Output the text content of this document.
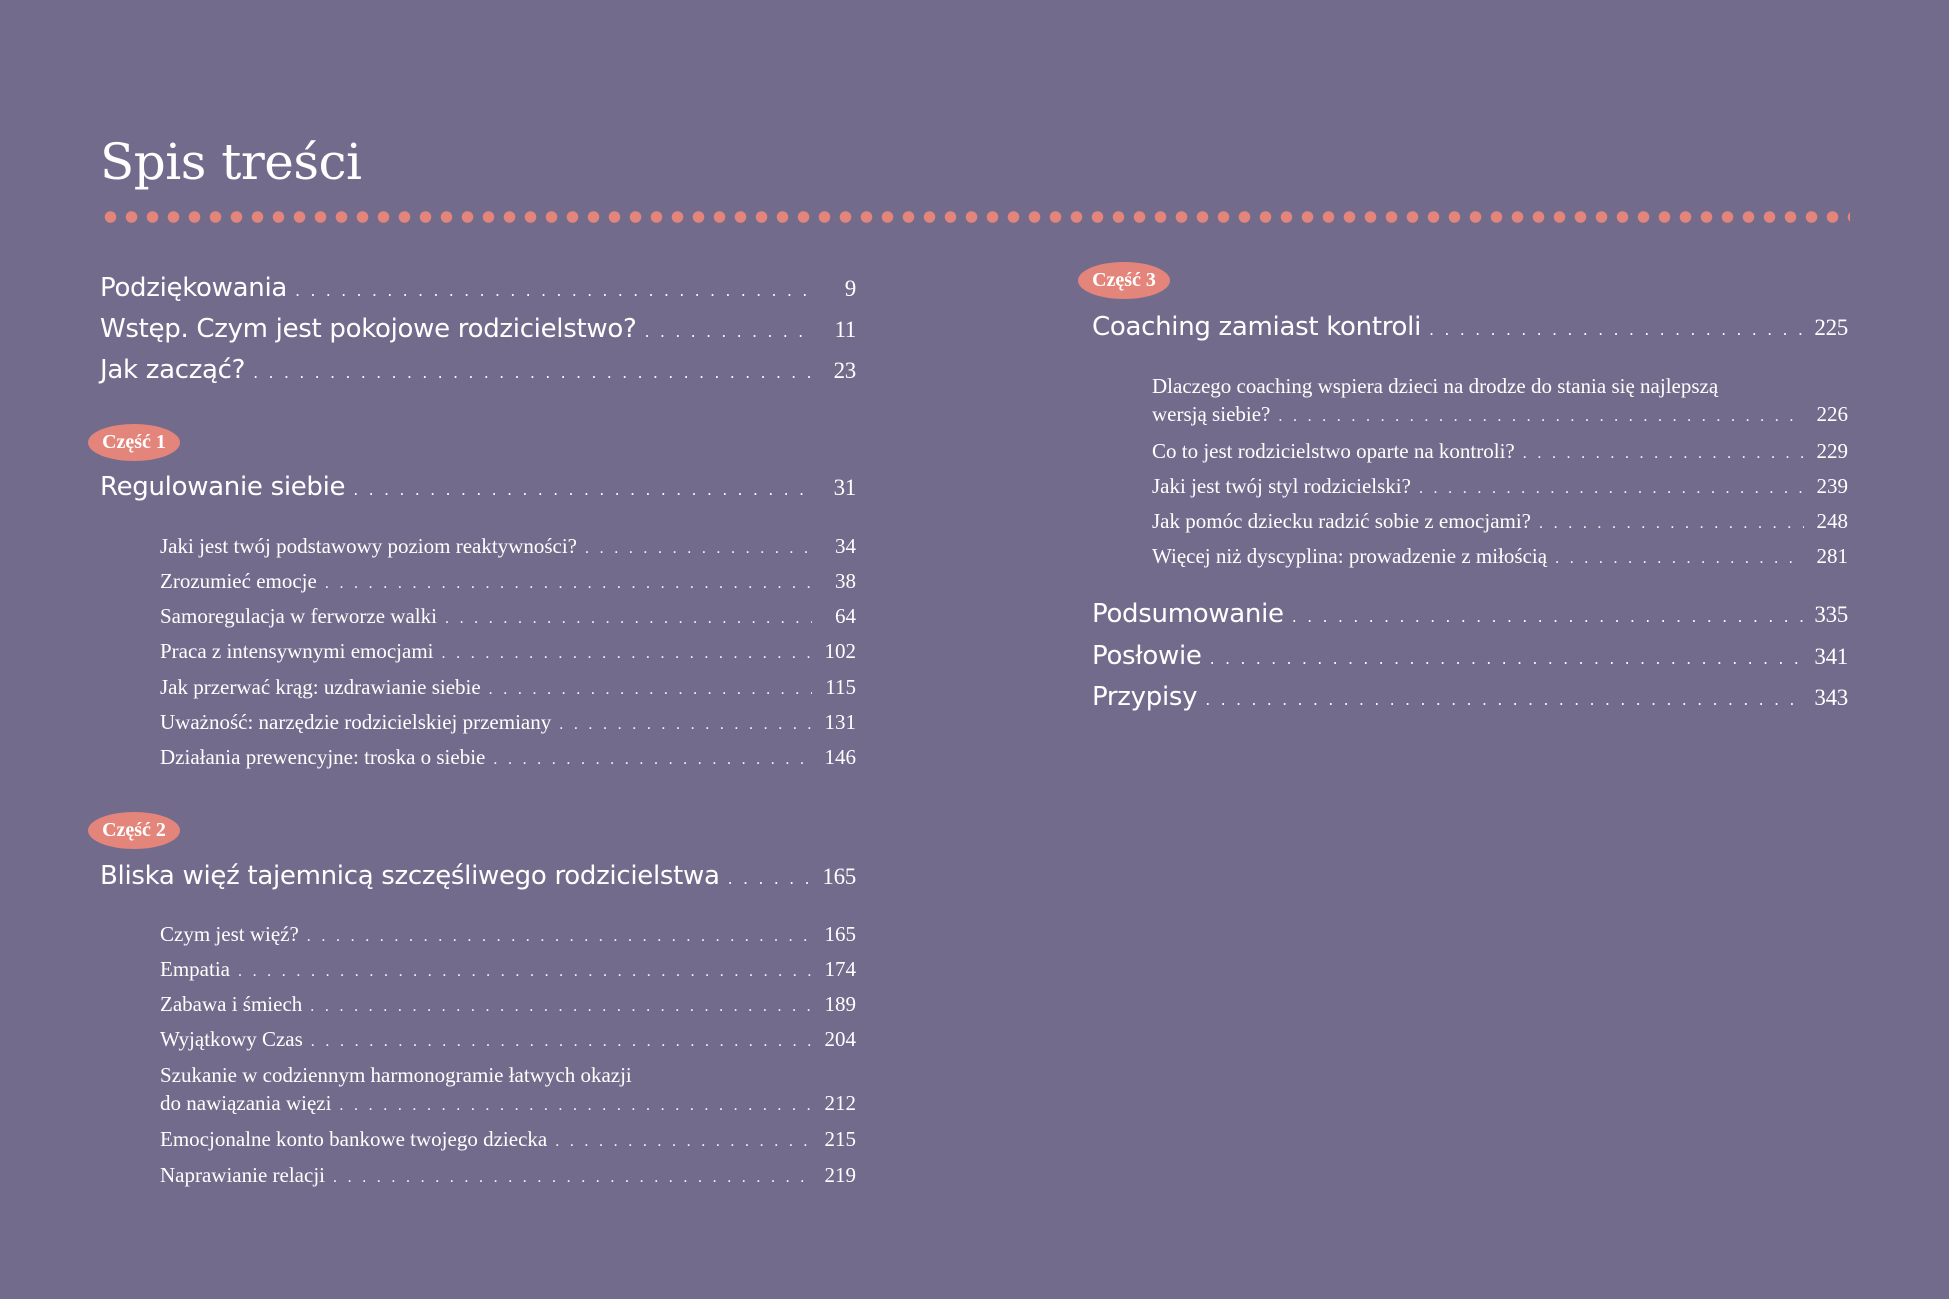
Spis treści
Podziękowania . . .	9
Wstęp. Czym jest pokojowe rodzicielstwo? . . .	11
Jak zacząć? . . .	23
Część 1
Regulowanie siebie . . .	31
Jaki jest twój podstawowy poziom reaktywności? . . .	34
Zrozumieć emocje . . .	38
Samoregulacja w ferworze walki . . .	64
Praca z intensywnymi emocjami . . .	102
Jak przerwać krąg: uzdrawianie siebie . . .	115
Uważność: narzędzie rodzicielskiej przemiany . . .	131
Działania prewencyjne: troska o siebie . . .	146
Część 2
Bliska więź tajemnicą szczęśliwego rodzicielstwa . . .	165
Czym jest więź? . . .	165
Empatia . . .	174
Zabawa i śmiech . . .	189
Wyjątkowy Czas . . .	204
Szukanie w codziennym harmonogramie łatwych okazji
do nawiązania więzi . . .	212
Emocjonalne konto bankowe twojego dziecka . . .	215
Naprawianie relacji . . .	219
Część 3
Coaching zamiast kontroli . . .	225
Dlaczego coaching wspiera dzieci na drodze do stania się najlepszą
wersją siebie? . . .	226
Co to jest rodzicielstwo oparte na kontroli? . . .	229
Jaki jest twój styl rodzicielski? . . .	239
Jak pomóc dziecku radzić sobie z emocjami? . . .	248
Więcej niż dyscyplina: prowadzenie z miłością . . .	281
Podsumowanie . . .	335
Posłowie . . .	341
Przypisy . . .	343
